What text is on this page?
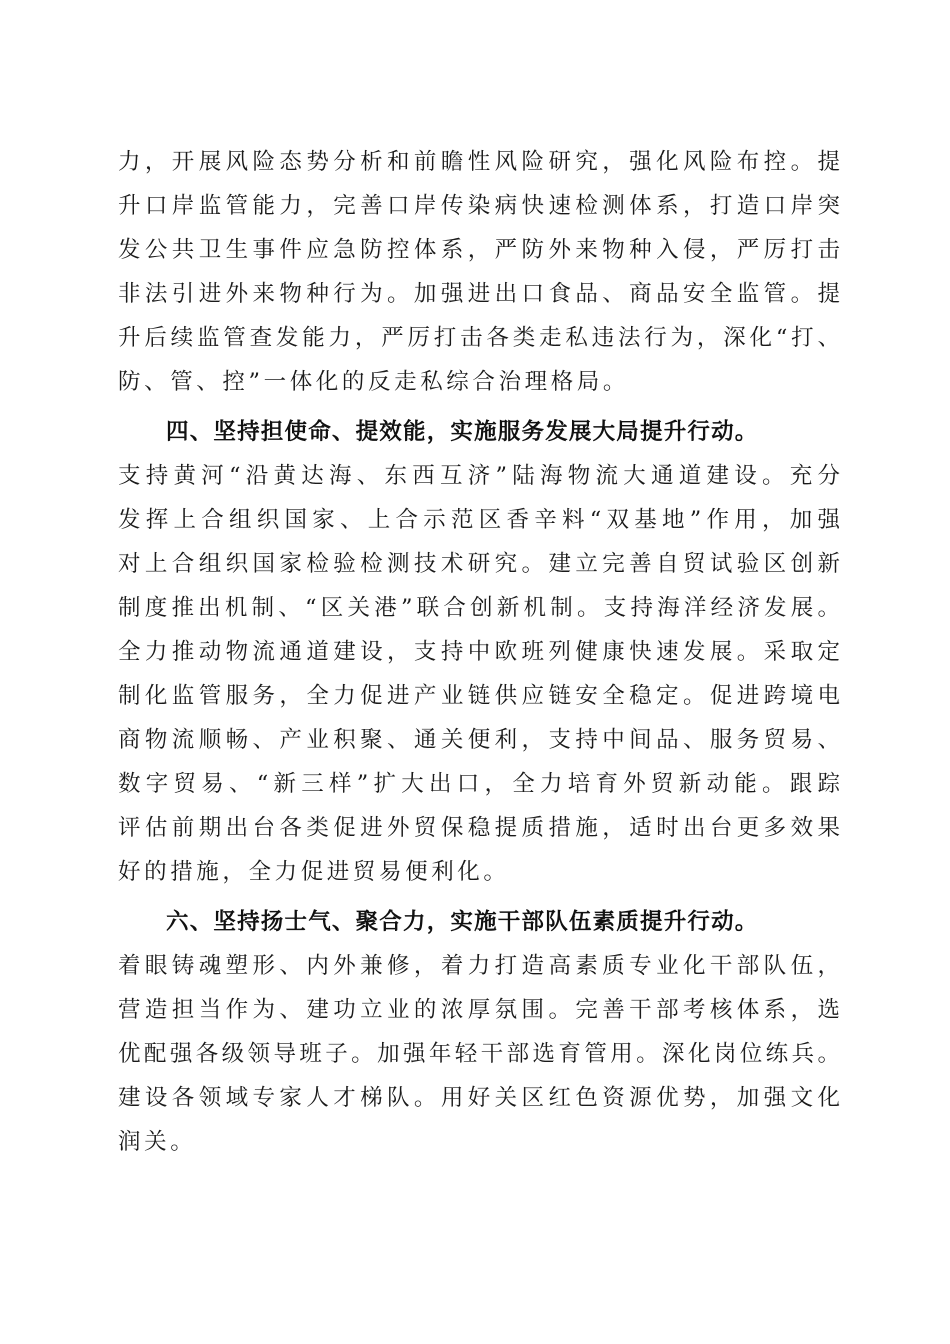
力，开展风险态势分析和前瞻性风险研究，强化风险布控。提
升口岸监管能力，完善口岸传染病快速检测体系，打造口岸突
发公共卫生事件应急防控体系，严防外来物种入侵，严厉打击
非法引进外来物种行为。加强进出口食品、商品安全监管。提
升后续监管查发能力，严厉打击各类走私违法行为，深化“打、
防、管、控”一体化的反走私综合治理格局。
四、坚持担使命、提效能，实施服务发展大局提升行动。
支持黄河“沿黄达海、东西互济”陆海物流大通道建设。充分
发挥上合组织国家、上合示范区香辛料“双基地”作用，加强
对上合组织国家检验检测技术研究。建立完善自贸试验区创新
制度推出机制、“区关港”联合创新机制。支持海洋经济发展。
全力推动物流通道建设，支持中欧班列健康快速发展。采取定
制化监管服务，全力促进产业链供应链安全稳定。促进跨境电
商物流顺畅、产业积聚、通关便利，支持中间品、服务贸易、
数字贸易、“新三样”扩大出口，全力培育外贸新动能。跟踪
评估前期出台各类促进外贸保稳提质措施，适时出台更多效果
好的措施，全力促进贸易便利化。
六、坚持扬士气、聚合力，实施干部队伍素质提升行动。
着眼铸魂塑形、内外兼修，着力打造高素质专业化干部队伍，
营造担当作为、建功立业的浓厚氛围。完善干部考核体系，选
优配强各级领导班子。加强年轻干部选育管用。深化岗位练兵。
建设各领域专家人才梯队。用好关区红色资源优势，加强文化
润关。
